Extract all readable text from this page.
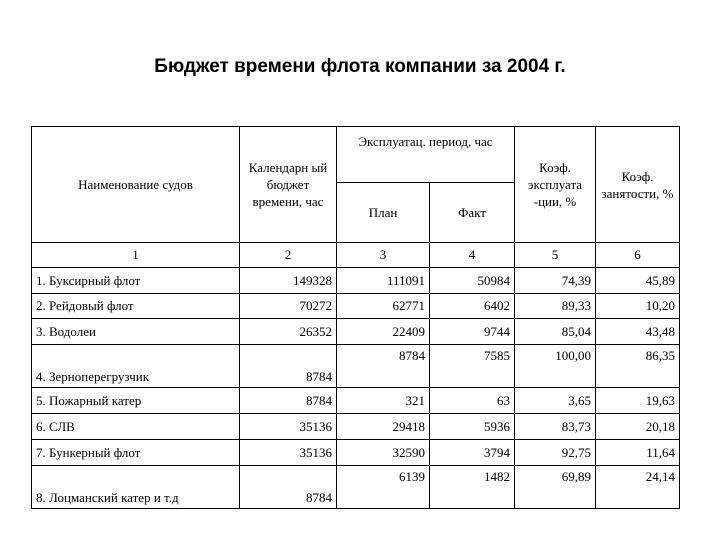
Бюджет времени флота компании за 2004 г.
Наименование судов	Календарн ый бюджет времени, час	Эксплуатац. период, час		Коэф. эксплуата -ции, %	Коэф. занятости, %
		План	Факт		
1	2	3	4	5	6
1. Буксирный флот	149328	111091	50984	74,39	45,89
2. Рейдовый флот	70272	62771	6402	89,33	10,20
3. Водолеи	26352	22409	9744	85,04	43,48
4. Зерноперегрузчик	8784	8784	7585	100,00	86,35
5. Пожарный катер	8784	321	63	3,65	19,63
6. СЛВ	35136	29418	5936	83,73	20,18
7. Бункерный флот	35136	32590	3794	92,75	11,64
8. Лоцманский катер и т.д	8784	6139	1482	69,89	24,14
